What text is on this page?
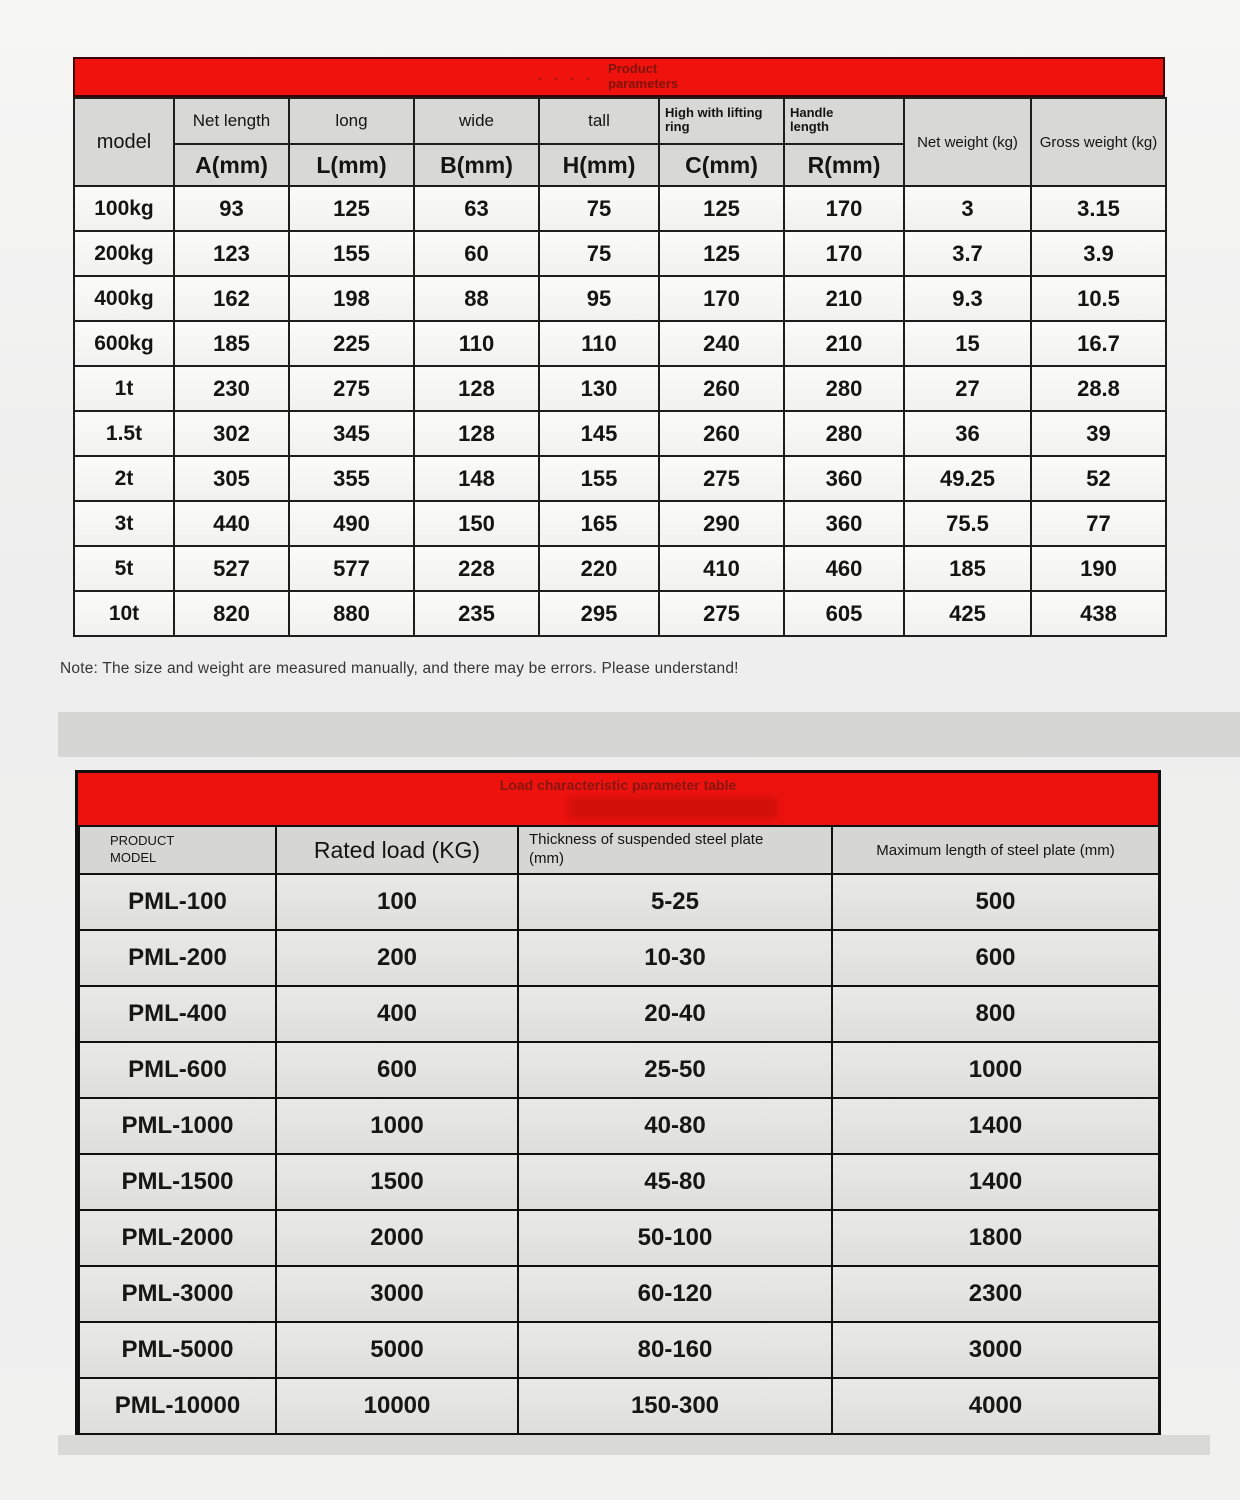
- - - -
Product parameters
model	Net length	long	wide	tall	High with lifting ring	Handle length	Net weight (kg)	Gross weight (kg)
	A(mm)	L(mm)	B(mm)	H(mm)	C(mm)	R(mm)		
100kg	93	125	63	75	125	170	3	3.15
200kg	123	155	60	75	125	170	3.7	3.9
400kg	162	198	88	95	170	210	9.3	10.5
600kg	185	225	110	110	240	210	15	16.7
1t	230	275	128	130	260	280	27	28.8
1.5t	302	345	128	145	260	280	36	39
2t	305	355	148	155	275	360	49.25	52
3t	440	490	150	165	290	360	75.5	77
5t	527	577	228	220	410	460	185	190
10t	820	880	235	295	275	605	425	438
Note: The size and weight are measured manually, and there may be errors. Please understand!
Load characteristic parameter table
PRODUCT MODEL	Rated load (KG)	Thickness of suspended steel plate (mm)	Maximum length of steel plate (mm)
PML-100	100	5-25	500
PML-200	200	10-30	600
PML-400	400	20-40	800
PML-600	600	25-50	1000
PML-1000	1000	40-80	1400
PML-1500	1500	45-80	1400
PML-2000	2000	50-100	1800
PML-3000	3000	60-120	2300
PML-5000	5000	80-160	3000
PML-10000	10000	150-300	4000
